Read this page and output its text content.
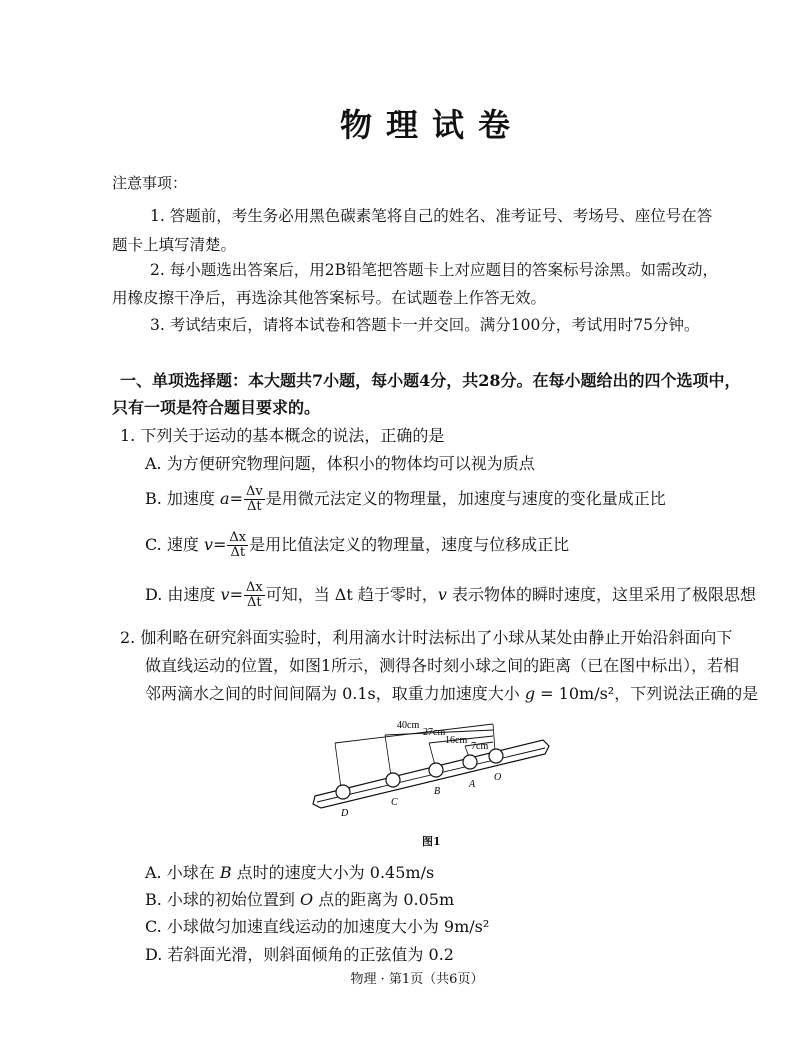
物理试卷
注意事项：
1. 答题前，考生务必用黑色碳素笔将自己的姓名、准考证号、考场号、座位号在答
题卡上填写清楚。
2. 每小题选出答案后，用2B铅笔把答题卡上对应题目的答案标号涂黑。如需改动，
用橡皮擦干净后，再选涂其他答案标号。在试题卷上作答无效。
3. 考试结束后，请将本试卷和答题卡一并交回。满分100分，考试用时75分钟。
一、单项选择题：本大题共7小题，每小题4分，共28分。在每小题给出的四个选项中，
只有一项是符合题目要求的。
1. 下列关于运动的基本概念的说法，正确的是
A. 为方便研究物理问题，体积小的物体均可以视为质点
B. 加速度 $a= \frac{\Delta v}{\Delta t}$ 是用微元法定义的物理量，加速度与速度的变化量成正比
C. 速度 $v= \frac{\Delta x}{\Delta t}$ 是用比值法定义的物理量，速度与位移成正比
D. 由速度 $v= \frac{\Delta x}{\Delta t}$ 可知，当 Δt 趋于零时，v 表示物体的瞬时速度，这里采用了极限思想
2. 伽利略在研究斜面实验时，利用滴水计时法标出了小球从某处由静止开始沿斜面向下
做直线运动的位置，如图1所示，测得各时刻小球之间的距离（已在图中标出），若相
邻两滴水之间的时间间隔为 0.1s，取重力加速度大小 g = 10m/s²，下列说法正确的是
40cm
27cm
16cm
7cm
D
C
B
A
O
图1
A. 小球在 B 点时的速度大小为 0.45m/s
B. 小球的初始位置到 O 点的距离为 0.05m
C. 小球做匀加速直线运动的加速度大小为 9m/s²
D. 若斜面光滑，则斜面倾角的正弦值为 0.2
物理 · 第1页（共6页）
